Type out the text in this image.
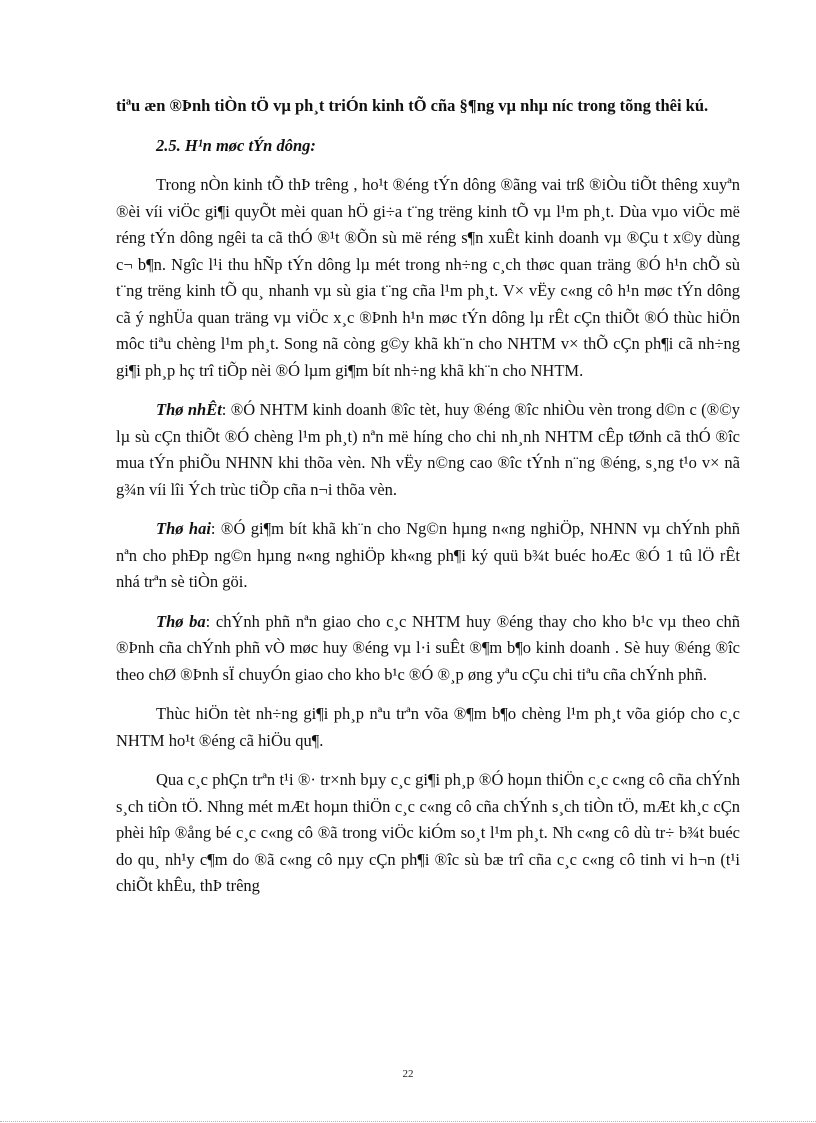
tiªu æn ®Þnh tiÒn tÖ vµ ph¸t triÓn kinh tÕ cña §¶ng vµ nhµ níc trong tõng thêi kú.

2.5. H¹n møc tÝn dông:

Trong nÒn kinh tÕ thÞ trêng , ho¹t ®éng tÝn dông ®ãng vai trß ®iÒu tiÕt thêng xuyªn ®èi víi viÖc gi¶i quyÕt mèi quan hÖ gi÷a t¨ng trëng kinh tÕ vµ l¹m ph¸t. Dùa vµo viÖc më réng tÝn dông ngêi ta cã thÓ ®¹t ®Õn sù më réng s¶n xuÊt kinh doanh vµ ®Çu t x©y dùng c¬ b¶n. Ngîc l¹i thu hÑp tÝn dông lµ mét trong nh÷ng c¸ch thøc quan träng ®Ó h¹n chÕ sù t¨ng trëng kinh tÕ qu¸ nhanh vµ sù gia t¨ng cña l¹m ph¸t. V× vËy c«ng cô h¹n møc tÝn dông cã ý nghÜa quan träng vµ viÖc x¸c ®Þnh h¹n møc tÝn dông lµ rÊt cÇn thiÕt ®Ó thùc hiÖn môc tiªu chèng l¹m ph¸t. Song nã còng g©y khã kh¨n cho NHTM v× thÕ cÇn ph¶i cã nh÷ng gi¶i ph¸p hç trî tiÕp nèi ®Ó lµm gi¶m bít nh÷ng khã kh¨n cho NHTM.

Thø nhÊt: ®Ó NHTM kinh doanh ®îc tèt, huy ®éng ®îc nhiÒu vèn trong d©n c (®©y lµ sù cÇn thiÕt ®Ó chèng l¹m ph¸t) nªn më híng cho chi nh¸nh NHTM cÊp tØnh cã thÓ ®îc mua tÝn phiÕu NHNN khi thõa vèn. Nh vËy n©ng cao ®îc tÝnh n¨ng ®éng, s¸ng t¹o v× nã g¾n víi lîi Ých trùc tiÕp cña n¬i thõa vèn.

Thø hai: ®Ó gi¶m bít khã kh¨n cho Ng©n hµng n«ng nghiÖp, NHNN vµ chÝnh phñ nªn cho phÐp ng©n hµng n«ng nghiÖp kh«ng ph¶i ký quü b¾t buéc hoÆc ®Ó 1 tû lÖ rÊt nhá trªn sè tiÒn göi.

Thø ba: chÝnh phñ nªn giao cho c¸c NHTM huy ®éng thay cho kho b¹c vµ theo chñ ®Þnh cña chÝnh phñ vÒ møc huy ®éng vµ l·i suÊt ®¶m b¶o kinh doanh . Sè huy ®éng ®îc theo chØ ®Þnh sÏ chuyÓn giao cho kho b¹c ®Ó ®¸p øng yªu cÇu chi tiªu cña chÝnh phñ.

Thùc hiÖn tèt nh÷ng gi¶i ph¸p nªu trªn võa ®¶m b¶o chèng l¹m ph¸t võa gióp cho c¸c NHTM ho¹t ®éng cã hiÖu qu¶.

Qua c¸c phÇn trªn t¹i ®· tr×nh bµy c¸c gi¶i ph¸p ®Ó hoµn thiÖn c¸c c«ng cô cña chÝnh s¸ch tiÒn tÖ. Nhng mét mÆt hoµn thiÖn c¸c c«ng cô cña chÝnh s¸ch tiÒn tÖ, mÆt kh¸c cÇn phèi hîp ®ång bé c¸c c«ng cô ®ã trong viÖc kiÓm so¸t l¹m ph¸t. Nh c«ng cô dù tr÷ b¾t buéc do qu¸ nh¹y c¶m do ®ã c«ng cô nµy cÇn ph¶i ®îc sù bæ trî cña c¸c c«ng cô tinh vi h¬n (t¹i chiÕt khÊu, thÞ trêng

22
